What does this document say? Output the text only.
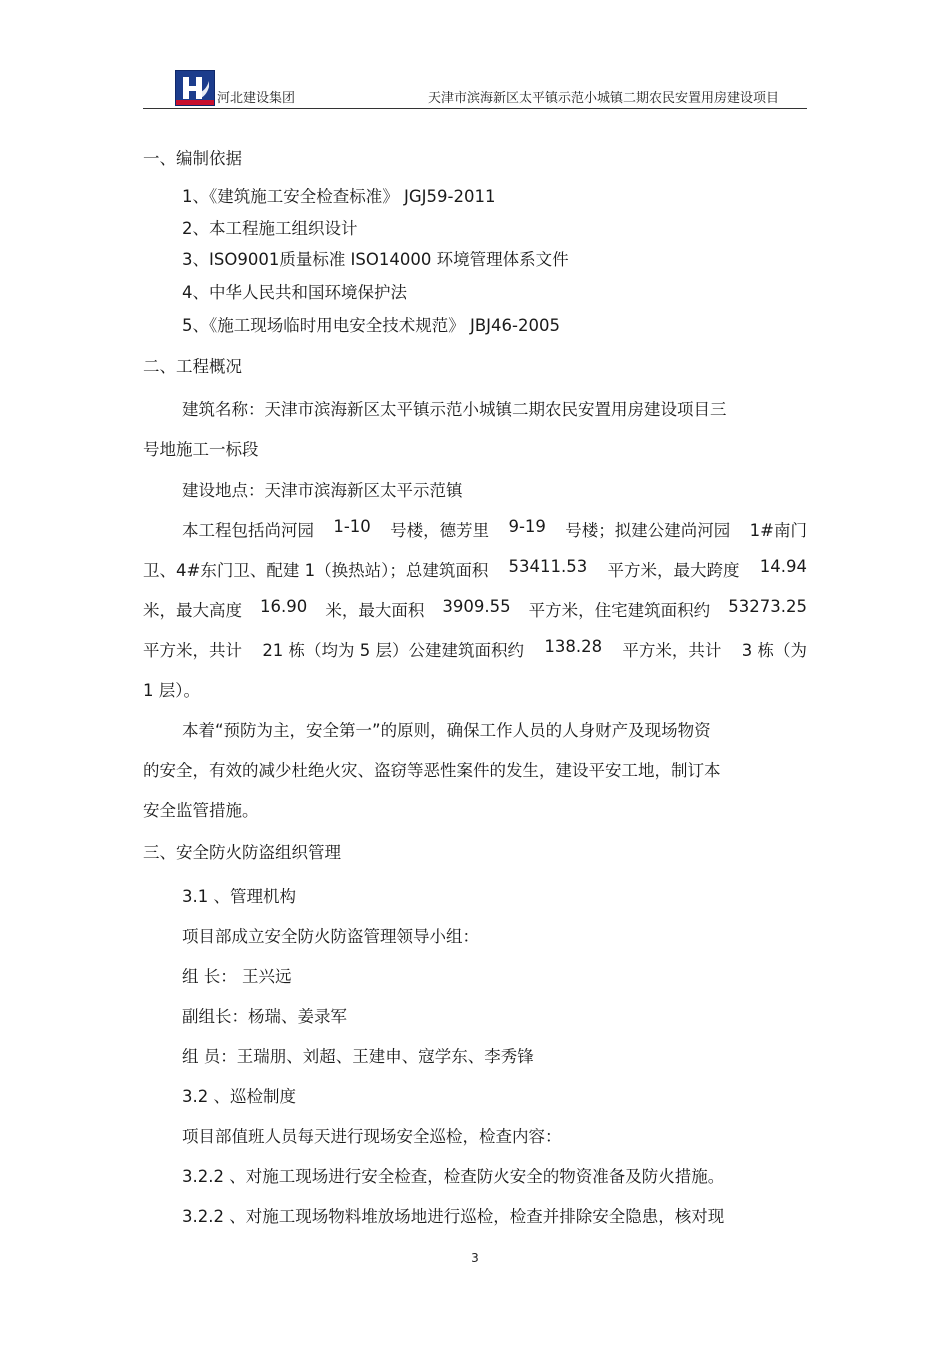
河北建设集团	天津市滨海新区太平镇示范小城镇二期农民安置用房建设项目
一、编制依据
1、《建筑施工安全检查标准》 JGJ59-2011
2、本工程施工组织设计
3、ISO9001质量标准 ISO14000 环境管理体系文件
4、中华人民共和国环境保护法
5、《施工现场临时用电安全技术规范》 JBJ46-2005
二、工程概况
建筑名称：天津市滨海新区太平镇示范小城镇二期农民安置用房建设项目三
号地施工一标段
建设地点：天津市滨海新区太平示范镇
本工程包括尚河园 1-10 号楼，德芳里 9-19 号楼；拟建公建尚河园 1#南门
卫、4#东门卫、配建 1（换热站）；总建筑面积 53411.53 平方米，最大跨度 14.94
米，最大高度 16.90 米，最大面积 3909.55 平方米，住宅建筑面积约 53273.25
平方米，共计 21 栋（均为 5 层）公建建筑面积约 138.28 平方米，共计 3 栋（为
1 层）。
本着“预防为主，安全第一”的原则，确保工作人员的人身财产及现场物资
的安全，有效的减少杜绝火灾、盗窃等恶性案件的发生，建设平安工地，制订本
安全监管措施。
三、安全防火防盗组织管理
3.1 、管理机构
项目部成立安全防火防盗管理领导小组：
组 长： 王兴远
副组长：杨瑞、姜录军
组 员：王瑞朋、刘超、王建申、寇学东、李秀锋
3.2 、巡检制度
项目部值班人员每天进行现场安全巡检，检查内容：
3.2.2 、对施工现场进行安全检查，检查防火安全的物资准备及防火措施。
3.2.2 、对施工现场物料堆放场地进行巡检，检查并排除安全隐患，核对现
3
